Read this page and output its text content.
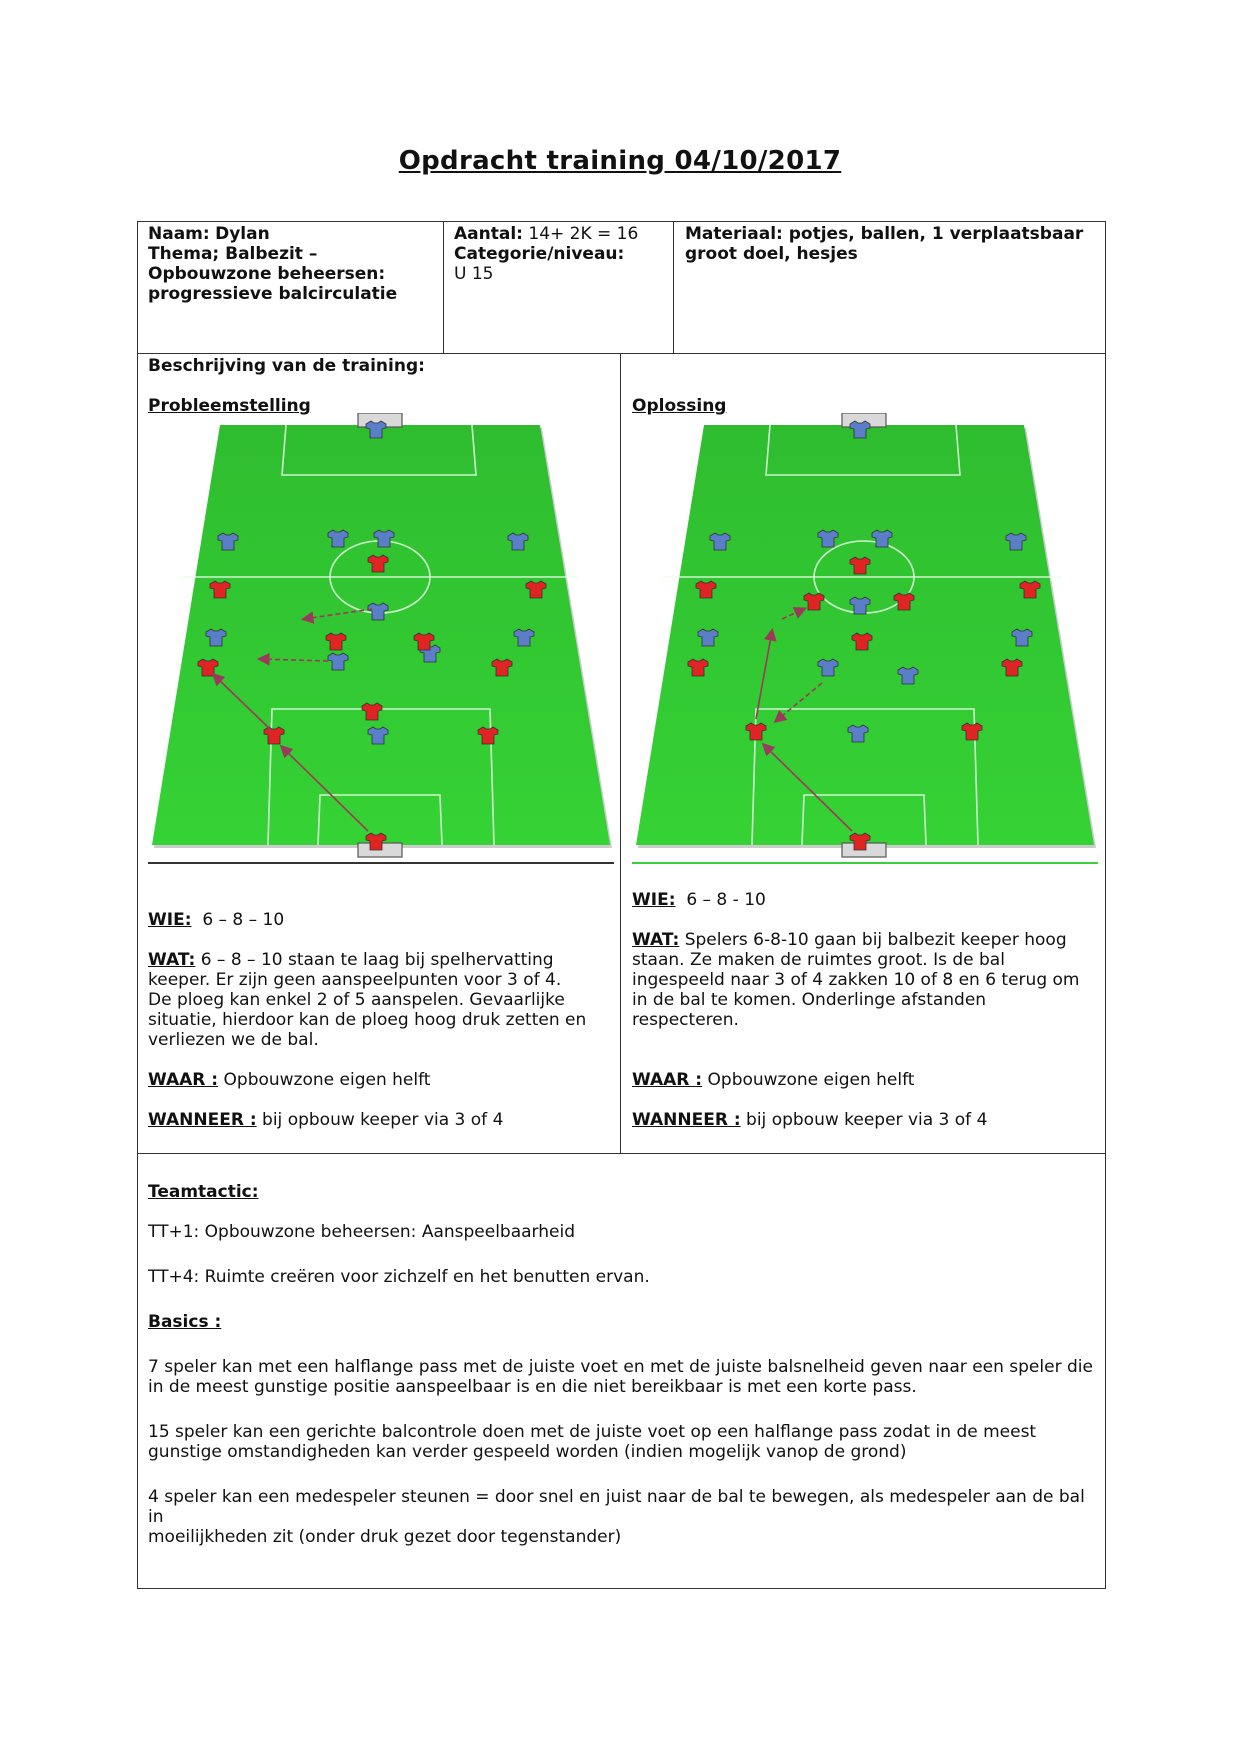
Opdracht training 04/10/2017

Naam: Dylan

Thema; Balbezit –

Opbouwzone beheersen:

progressieve balcirculatie

Aantal: 14+ 2K = 16

Categorie/niveau:

U 15

Materiaal: potjes, ballen, 1 verplaatsbaar

groot doel, hesjes

Beschrijving van de training:

Probleemstelling	Oplossing

WIE: 6 – 8 – 10

WAT: 6 – 8 – 10 staan te laag bij spelhervatting

keeper. Er zijn geen aanspeelpunten voor 3 of 4.

De ploeg kan enkel 2 of 5 aanspelen. Gevaarlijke

situatie, hierdoor kan de ploeg hoog druk zetten en

verliezen we de bal.

WAAR : Opbouwzone eigen helft

WANNEER : bij opbouw keeper via 3 of 4

WIE: 6 – 8 - 10

WAT: Spelers 6-8-10 gaan bij balbezit keeper hoog

staan. Ze maken de ruimtes groot. Is de bal

ingespeeld naar 3 of 4 zakken 10 of 8 en 6 terug om

in de bal te komen. Onderlinge afstanden respecteren.

WAAR : Opbouwzone eigen helft

WANNEER : bij opbouw keeper via 3 of 4

Teamtactic:

TT+1: Opbouwzone beheersen: Aanspeelbaarheid

TT+4: Ruimte creëren voor zichzelf en het benutten ervan.

Basics :

7 speler kan met een halflange pass met de juiste voet en met de juiste balsnelheid geven naar een speler die

in de meest gunstige positie aanspeelbaar is en die niet bereikbaar is met een korte pass.

15 speler kan een gerichte balcontrole doen met de juiste voet op een halflange pass zodat in de meest

gunstige omstandigheden kan verder gespeeld worden (indien mogelijk vanop de grond)

4 speler kan een medespeler steunen = door snel en juist naar de bal te bewegen, als medespeler aan de bal in

moeilijkheden zit (onder druk gezet door tegenstander)
